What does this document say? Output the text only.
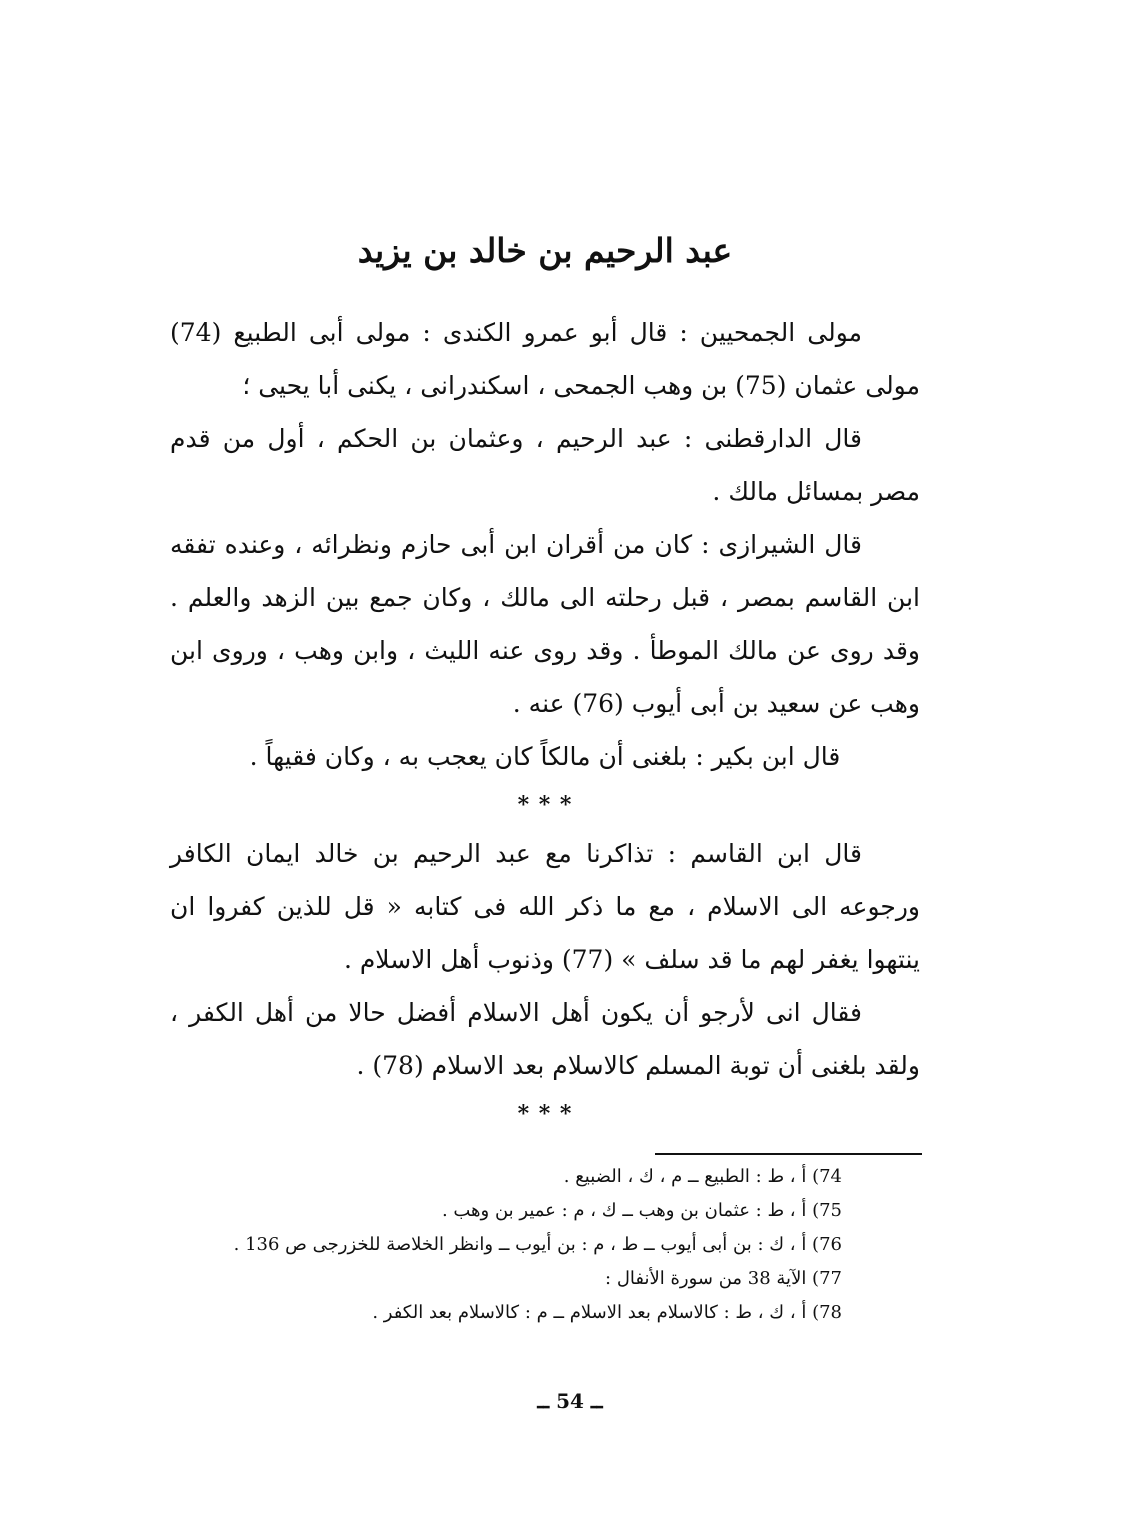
عبد الرحيم بن خالد بن يزيد

مولى الجمحيين : قال أبو عمرو الكندى : مولى أبى الطبيع (74) مولى عثمان (75) بن وهب الجمحى ، اسكندرانى ، يكنى أبا يحيى ؛

قال الدارقطنى : عبد الرحيم ، وعثمان بن الحكم ، أول من قدم مصر بمسائل مالك .

قال الشيرازى : كان من أقران ابن أبى حازم ونظرائه ، وعنده تفقه ابن القاسم بمصر ، قبل رحلته الى مالك ، وكان جمع بين الزهد والعلم . وقد روى عن مالك الموطأ . وقد روى عنه الليث ، وابن وهب ، وروى ابن وهب عن سعيد بن أبى أيوب (76) عنه .

قال ابن بكير : بلغنى أن مالكاً كان يعجب به ، وكان فقيهاً .

* * *

قال ابن القاسم : تذاكرنا مع عبد الرحيم بن خالد ايمان الكافر ورجوعه الى الاسلام ، مع ما ذكر الله فى كتابه « قل للذين كفروا ان ينتهوا يغفر لهم ما قد سلف » (77) وذنوب أهل الاسلام .

فقال انى لأرجو أن يكون أهل الاسلام أفضل حالا من أهل الكفر ، ولقد بلغنى أن توبة المسلم كالاسلام بعد الاسلام (78) .

* * *
74) أ ، ط : الطبيع ــ م ، ك ، الضبيع .
75) أ ، ط : عثمان بن وهب ــ ك ، م : عمير بن وهب .
76) أ ، ك : بن أبى أيوب ــ ط ، م : بن أيوب ــ وانظر الخلاصة للخزرجى ص 136 .
77) الآية 38 من سورة الأنفال :
78) أ ، ك ، ط : كالاسلام بعد الاسلام ــ م : كالاسلام بعد الكفر .
ــ 54 ــ
